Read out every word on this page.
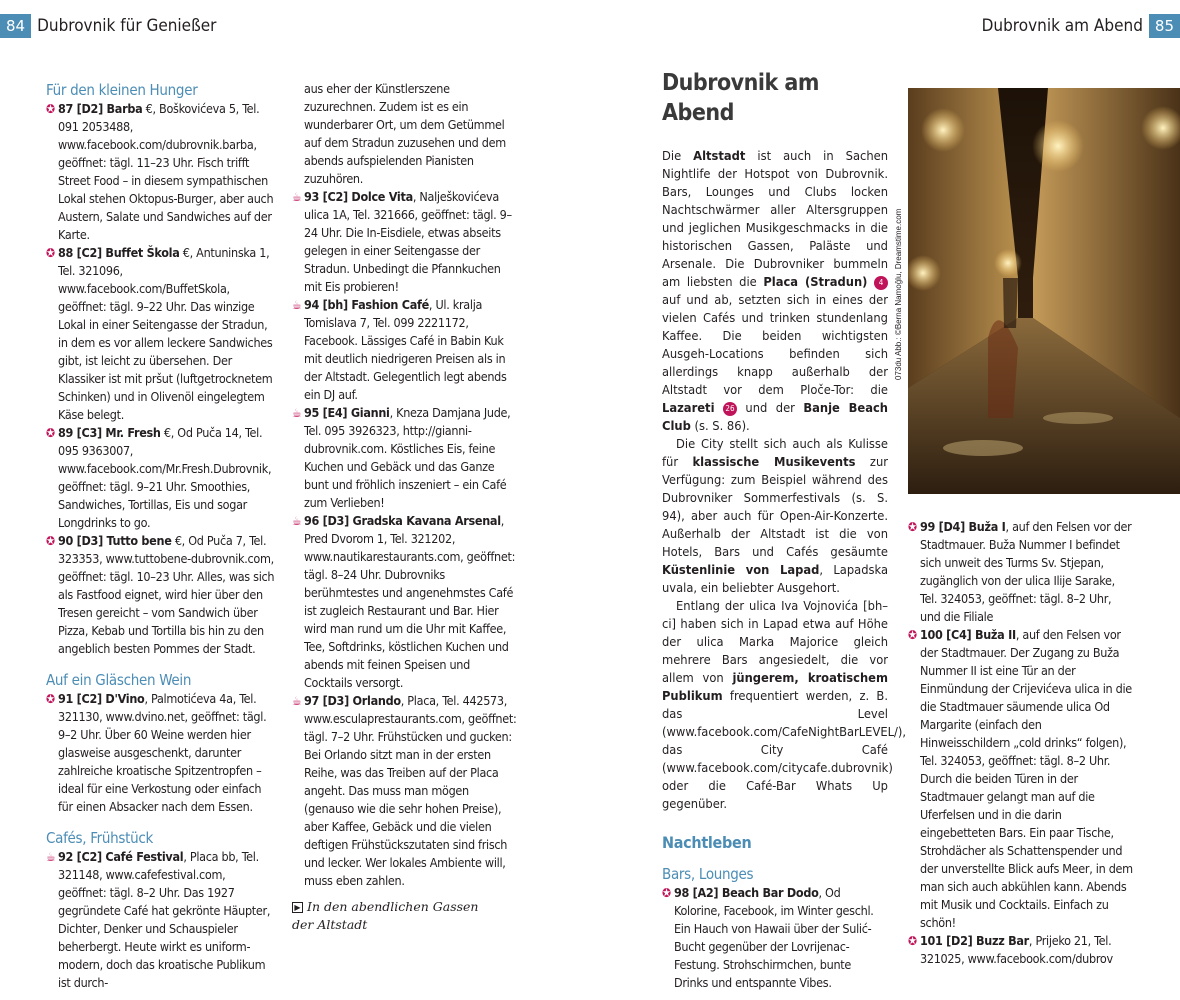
84 Dubrovnik für Genießer	Dubrovnik am Abend 85
Für den kleinen Hunger

✪ 87 [D2] Barba €, Boškovićeva 5, Tel. 091 2053488, www.facebook.com/dubrovnik.barba, geöffnet: tägl. 11–23 Uhr. Fisch trifft Street Food – in diesem sympathischen Lokal stehen Oktopus-Burger, aber auch Austern, Salate und Sandwiches auf der Karte.

✪ 88 [C2] Buffet Škola €, Antuninska 1, Tel. 321096, www.facebook.com/BuffetSkola, geöffnet: tägl. 9–22 Uhr. Das winzige Lokal in einer Seitengasse der Stradun, in dem es vor allem leckere Sandwiches gibt, ist leicht zu übersehen. Der Klassiker ist mit pršut (luftgetrocknetem Schinken) und in Olivenöl eingelegtem Käse belegt.

✪ 89 [C3] Mr. Fresh €, Od Puča 14, Tel. 095 9363007, www.facebook.com/Mr.Fresh.Dubrovnik, geöffnet: tägl. 9–21 Uhr. Smoothies, Sandwiches, Tortillas, Eis und sogar Longdrinks to go.

✪ 90 [D3] Tutto bene €, Od Puča 7, Tel. 323353, www.tuttobene-dubrovnik.com, geöffnet: tägl. 10–23 Uhr. Alles, was sich als Fastfood eignet, wird hier über den Tresen gereicht – vom Sandwich über Pizza, Kebab und Tortilla bis hin zu den angeblich besten Pommes der Stadt.

Auf ein Gläschen Wein

✪ 91 [C2] D'Vino, Palmotićeva 4a, Tel. 321130, www.dvino.net, geöffnet: tägl. 9–2 Uhr. Über 60 Weine werden hier glasweise ausgeschenkt, darunter zahlreiche kroatische Spitzentropfen – ideal für eine Verkostung oder einfach für einen Absacker nach dem Essen.

Cafés, Frühstück

☕ 92 [C2] Café Festival, Placa bb, Tel. 321148, www.cafefestival.com, geöffnet: tägl. 8–2 Uhr. Das 1927 gegründete Café hat gekrönte Häupter, Dichter, Denker und Schauspieler beherbergt. Heute wirkt es uniform-modern, doch das kroatische Publikum ist durch-

aus eher der Künstlerszene zuzurechnen. Zudem ist es ein wunderbarer Ort, um dem Getümmel auf dem Stradun zuzusehen und dem abends aufspielenden Pianisten zuzuhören.

☕ 93 [C2] Dolce Vita, Nalješkovićeva ulica 1A, Tel. 321666, geöffnet: tägl. 9–24 Uhr. Die In-Eisdiele, etwas abseits gelegen in einer Seitengasse der Stradun. Unbedingt die Pfannkuchen mit Eis probieren!

☕ 94 [bh] Fashion Café, Ul. kralja Tomislava 7, Tel. 099 2221172, Facebook. Lässiges Café in Babin Kuk mit deutlich niedrigeren Preisen als in der Altstadt. Gelegentlich legt abends ein DJ auf.

☕ 95 [E4] Gianni, Kneza Damjana Jude, Tel. 095 3926323, http://gianni-dubrovnik.com. Köstliches Eis, feine Kuchen und Gebäck und das Ganze bunt und fröhlich inszeniert – ein Café zum Verlieben!

☕ 96 [D3] Gradska Kavana Arsenal, Pred Dvorom 1, Tel. 321202, www.nautikarestaurants.com, geöffnet: tägl. 8–24 Uhr. Dubrovniks berühmtestes und angenehmstes Café ist zugleich Restaurant und Bar. Hier wird man rund um die Uhr mit Kaffee, Tee, Softdrinks, köstlichen Kuchen und abends mit feinen Speisen und Cocktails versorgt.

☕ 97 [D3] Orlando, Placa, Tel. 442573, www.esculaprestaurants.com, geöffnet: tägl. 7–2 Uhr. Frühstücken und gucken: Bei Orlando sitzt man in der ersten Reihe, was das Treiben auf der Placa angeht. Das muss man mögen (genauso wie die sehr hohen Preise), aber Kaffee, Gebäck und die vielen deftigen Frühstückszutaten sind frisch und lecker. Wer lokales Ambiente will, muss eben zahlen.

▶ In den abendlichen Gassen der Altstadt
Dubrovnik am Abend

Die Altstadt ist auch in Sachen Nightlife der Hotspot von Dubrovnik. Bars, Lounges und Clubs locken Nachtschwärmer aller Altersgruppen und jeglichen Musikgeschmacks in die historischen Gassen, Paläste und Arsenale. Die Dubrovniker bummeln am liebsten die Placa (Stradun) 4 auf und ab, setzten sich in eines der vielen Cafés und trinken stundenlang Kaffee. Die beiden wichtigsten Ausgeh-Locations befinden sich allerdings knapp außerhalb der Altstadt vor dem Ploče-Tor: die Lazareti 26 und der Banje Beach Club (s. S. 86).

Die City stellt sich auch als Kulisse für klassische Musikevents zur Verfügung: zum Beispiel während des Dubrovniker Sommerfestivals (s. S. 94), aber auch für Open-Air-Konzerte. Außerhalb der Altstadt ist die von Hotels, Bars und Cafés gesäumte Küstenlinie von Lapad, Lapadska uvala, ein beliebter Ausgehort.

Entlang der ulica Iva Vojnovića [bh–ci] haben sich in Lapad etwa auf Höhe der ulica Marka Majorice gleich mehrere Bars angesiedelt, die vor allem von jüngerem, kroatischem Publikum frequentiert werden, z. B. das Level (www.facebook.com/CafeNightBarLEVEL/), das City Café (www.facebook.com/citycafe.dubrovnik) oder die Café-Bar Whats Up gegenüber.

Nachtleben
Bars, Lounges

✪ 98 [A2] Beach Bar Dodo, Od Kolorine, Facebook, im Winter geschl. Ein Hauch von Hawaii über der Sulić-Bucht gegenüber der Lovrijenac-Festung. Strohschirmchen, bunte Drinks und entspannte Vibes.

073du Abb.: ©Berna Namoğlu, Dreamstime.com

✪ 99 [D4] Buža I, auf den Felsen vor der Stadtmauer. Buža Nummer I befindet sich unweit des Turms Sv. Stjepan, zugänglich von der ulica Ilije Sarake, Tel. 324053, geöffnet: tägl. 8–2 Uhr, und die Filiale

✪ 100 [C4] Buža II, auf den Felsen vor der Stadtmauer. Der Zugang zu Buža Nummer II ist eine Tür an der Einmündung der Crijevićeva ulica in die die Stadtmauer säumende ulica Od Margarite (einfach den Hinweisschildern „cold drinks“ folgen), Tel. 324053, geöffnet: tägl. 8–2 Uhr. Durch die beiden Türen in der Stadtmauer gelangt man auf die Uferfelsen und in die darin eingebetteten Bars. Ein paar Tische, Strohdächer als Schattenspender und der unverstellte Blick aufs Meer, in dem man sich auch abkühlen kann. Abends mit Musik und Cocktails. Einfach zu schön!

✪ 101 [D2] Buzz Bar, Prijeko 21, Tel. 321025, www.facebook.com/dubrov
